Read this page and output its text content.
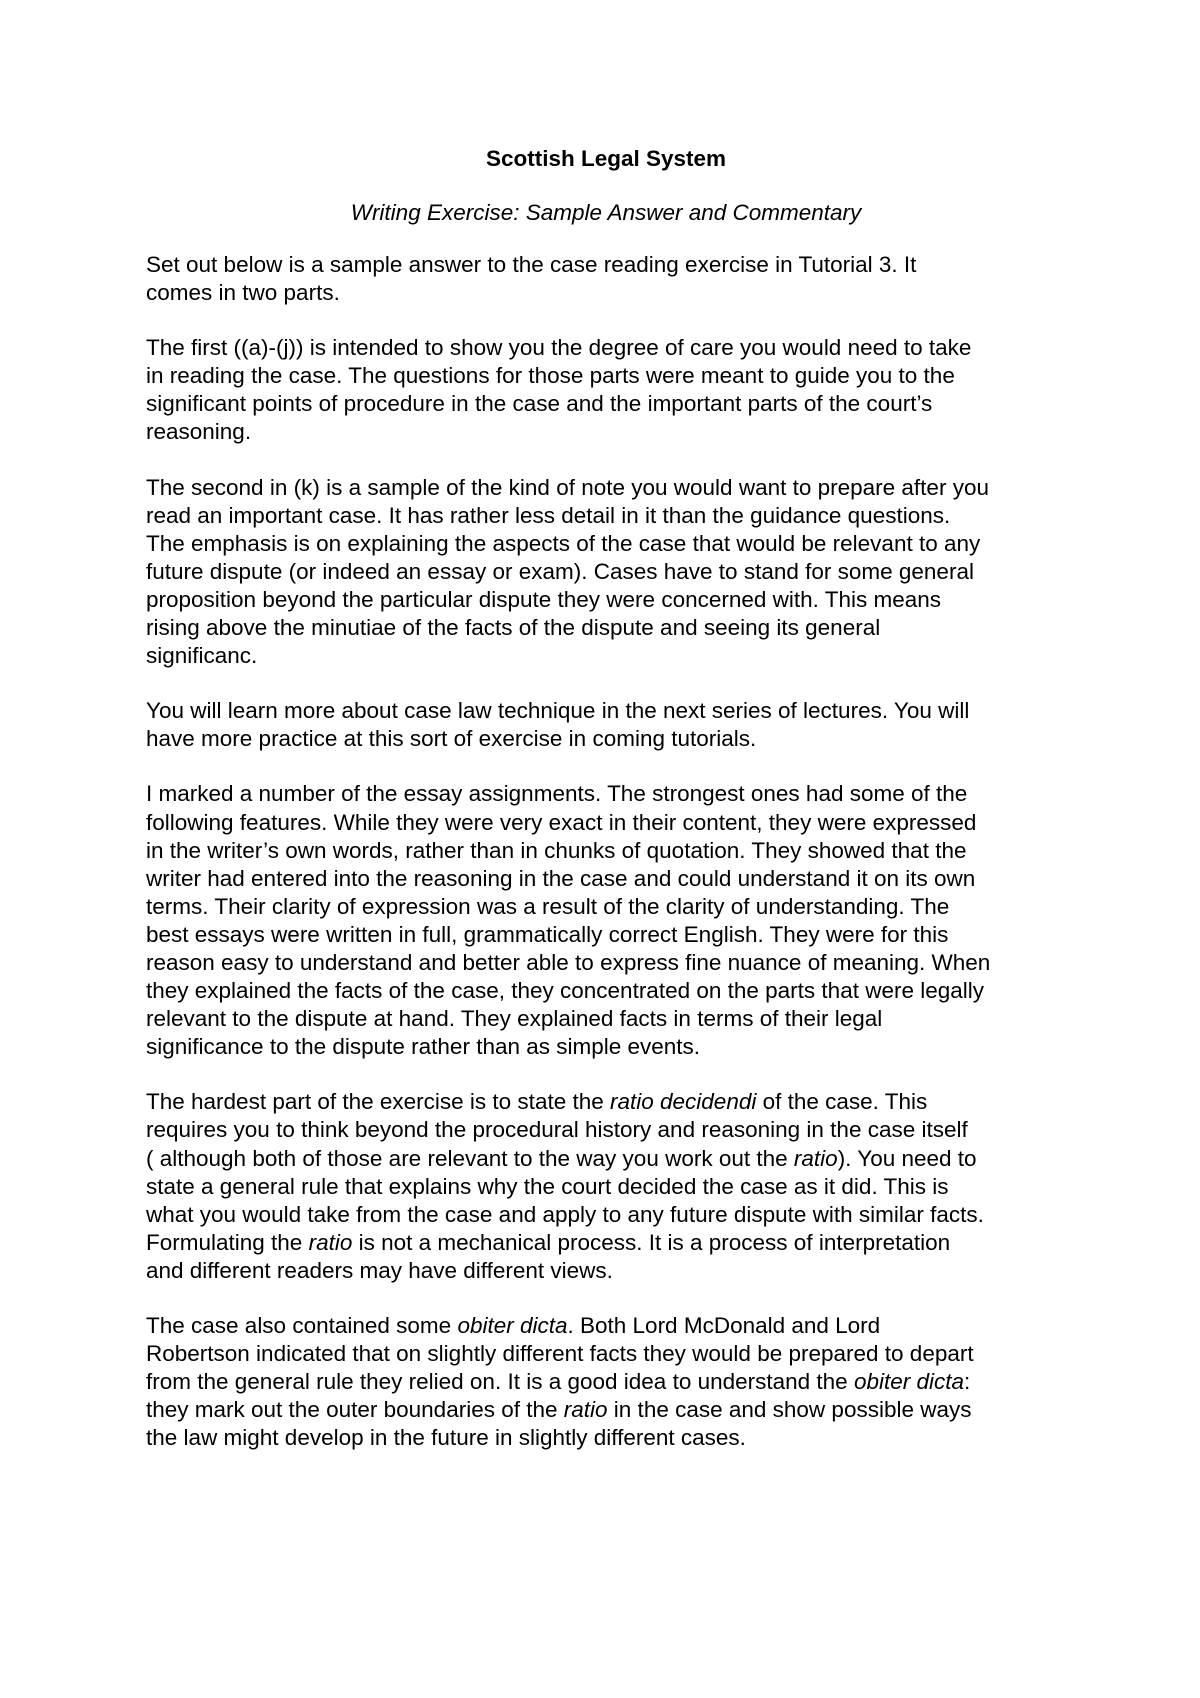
Scottish Legal System
Writing Exercise: Sample Answer and Commentary
Set out below is a sample answer to the case reading exercise in Tutorial 3. It
comes in two parts.
The first ((a)-(j)) is intended to show you the degree of care you would need to take
in reading the case. The questions for those parts were meant to guide you to the
significant points of procedure in the case and the important parts of the court’s
reasoning.
The second in (k) is a sample of the kind of note you would want to prepare after you
read an important case. It has rather less detail in it than the guidance questions.
The emphasis is on explaining the aspects of the case that would be relevant to any
future dispute (or indeed an essay or exam). Cases have to stand for some general
proposition beyond the particular dispute they were concerned with. This means
rising above the minutiae of the facts of the dispute and seeing its general
significanc.
You will learn more about case law technique in the next series of lectures. You will
have more practice at this sort of exercise in coming tutorials.
I marked a number of the essay assignments. The strongest ones had some of the
following features. While they were very exact in their content, they were expressed
in the writer’s own words, rather than in chunks of quotation. They showed that the
writer had entered into the reasoning in the case and could understand it on its own
terms. Their clarity of expression was a result of the clarity of understanding. The
best essays were written in full, grammatically correct English. They were for this
reason easy to understand and better able to express fine nuance of meaning. When
they explained the facts of the case, they concentrated on the parts that were legally
relevant to the dispute at hand. They explained facts in terms of their legal
significance to the dispute rather than as simple events.
The hardest part of the exercise is to state the ratio decidendi of the case. This
requires you to think beyond the procedural history and reasoning in the case itself
( although both of those are relevant to the way you work out the ratio). You need to
state a general rule that explains why the court decided the case as it did. This is
what you would take from the case and apply to any future dispute with similar facts.
Formulating the ratio is not a mechanical process. It is a process of interpretation
and different readers may have different views.
The case also contained some obiter dicta. Both Lord McDonald and Lord
Robertson indicated that on slightly different facts they would be prepared to depart
from the general rule they relied on. It is a good idea to understand the obiter dicta:
they mark out the outer boundaries of the ratio in the case and show possible ways
the law might develop in the future in slightly different cases.
